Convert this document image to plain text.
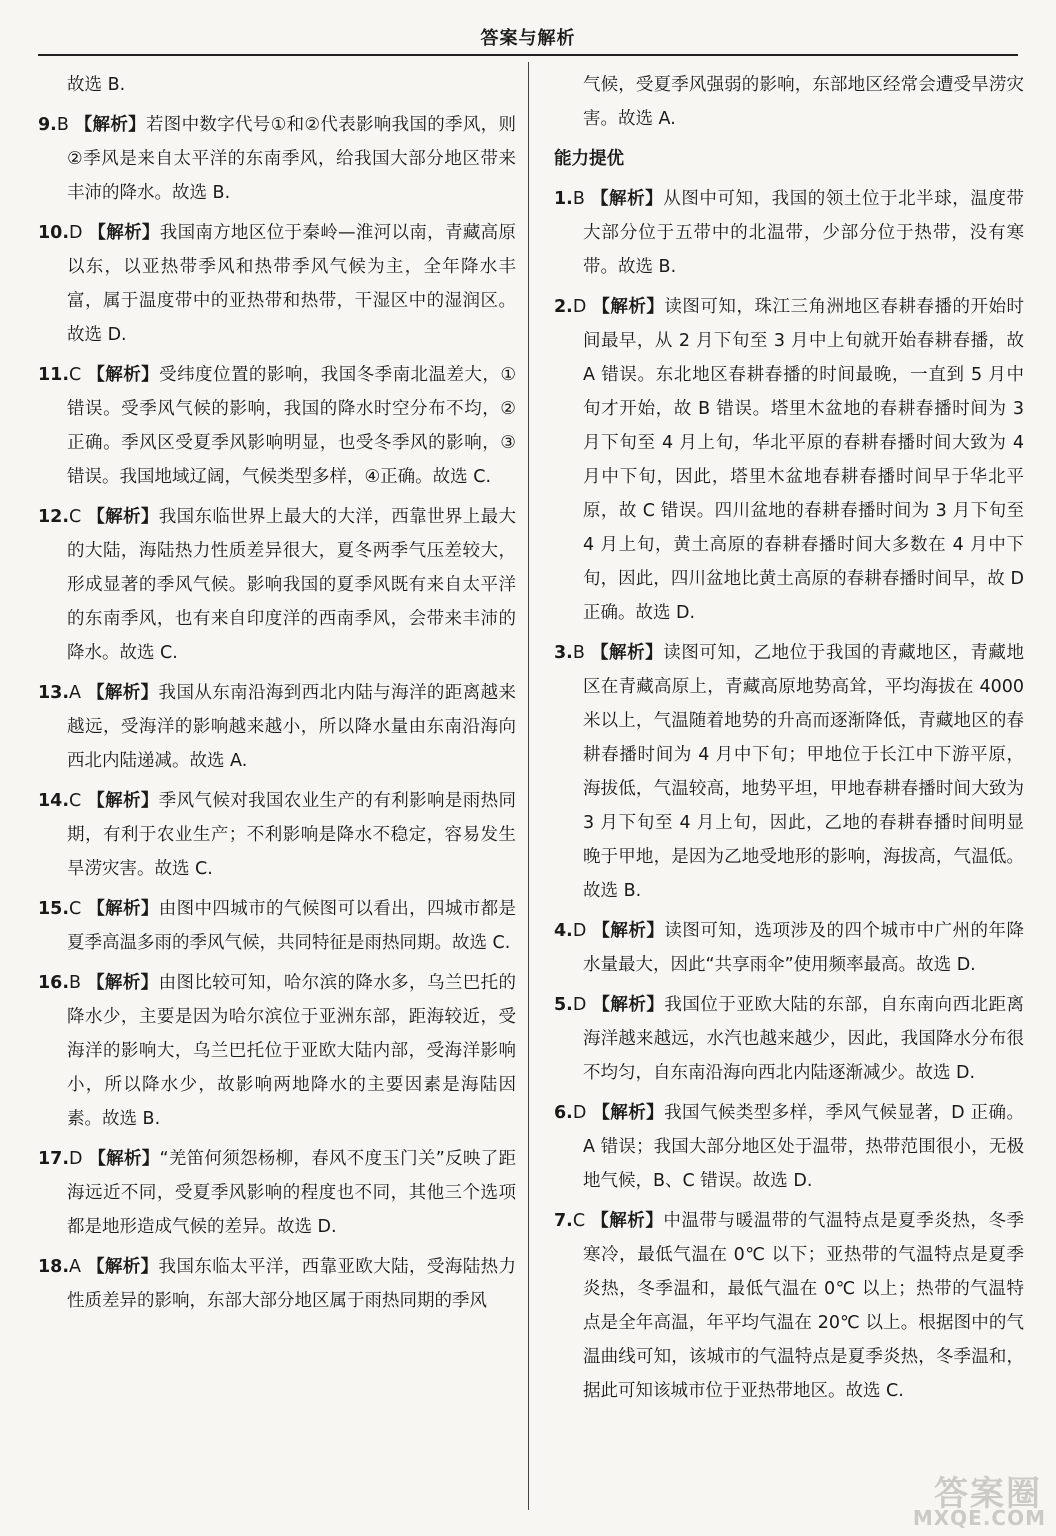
答案与解析

故选 B.

9.B 【解析】若图中数字代号①和②代表影响我国的季风，则②季风是来自太平洋的东南季风，给我国大部分地区带来丰沛的降水。故选 B.

10.D 【解析】我国南方地区位于秦岭—淮河以南，青藏高原以东，以亚热带季风和热带季风气候为主，全年降水丰富，属于温度带中的亚热带和热带，干湿区中的湿润区。故选 D.

11.C 【解析】受纬度位置的影响，我国冬季南北温差大，①错误。受季风气候的影响，我国的降水时空分布不均，②正确。季风区受夏季风影响明显，也受冬季风的影响，③错误。我国地域辽阔，气候类型多样，④正确。故选 C.

12.C 【解析】我国东临世界上最大的大洋，西靠世界上最大的大陆，海陆热力性质差异很大，夏冬两季气压差较大，形成显著的季风气候。影响我国的夏季风既有来自太平洋的东南季风，也有来自印度洋的西南季风，会带来丰沛的降水。故选 C.

13.A 【解析】我国从东南沿海到西北内陆与海洋的距离越来越远，受海洋的影响越来越小，所以降水量由东南沿海向西北内陆递减。故选 A.

14.C 【解析】季风气候对我国农业生产的有利影响是雨热同期，有利于农业生产；不利影响是降水不稳定，容易发生旱涝灾害。故选 C.

15.C 【解析】由图中四城市的气候图可以看出，四城市都是夏季高温多雨的季风气候，共同特征是雨热同期。故选 C.

16.B 【解析】由图比较可知，哈尔滨的降水多，乌兰巴托的降水少，主要是因为哈尔滨位于亚洲东部，距海较近，受海洋的影响大，乌兰巴托位于亚欧大陆内部，受海洋影响小，所以降水少，故影响两地降水的主要因素是海陆因素。故选 B.

17.D 【解析】“羌笛何须怨杨柳，春风不度玉门关”反映了距海远近不同，受夏季风影响的程度也不同，其他三个选项都是地形造成气候的差异。故选 D.

18.A 【解析】我国东临太平洋，西靠亚欧大陆，受海陆热力性质差异的影响，东部大部分地区属于雨热同期的季风

气候，受夏季风强弱的影响，东部地区经常会遭受旱涝灾害。故选 A.

能力提优

1.B 【解析】从图中可知，我国的领土位于北半球，温度带大部分位于五带中的北温带，少部分位于热带，没有寒带。故选 B.

2.D 【解析】读图可知，珠江三角洲地区春耕春播的开始时间最早，从 2 月下旬至 3 月中上旬就开始春耕春播，故 A 错误。东北地区春耕春播的时间最晚，一直到 5 月中旬才开始，故 B 错误。塔里木盆地的春耕春播时间为 3 月下旬至 4 月上旬，华北平原的春耕春播时间大致为 4 月中下旬，因此，塔里木盆地春耕春播时间早于华北平原，故 C 错误。四川盆地的春耕春播时间为 3 月下旬至 4 月上旬，黄土高原的春耕春播时间大多数在 4 月中下旬，因此，四川盆地比黄土高原的春耕春播时间早，故 D 正确。故选 D.

3.B 【解析】读图可知，乙地位于我国的青藏地区，青藏地区在青藏高原上，青藏高原地势高耸，平均海拔在 4000 米以上，气温随着地势的升高而逐渐降低，青藏地区的春耕春播时间为 4 月中下旬；甲地位于长江中下游平原，海拔低，气温较高，地势平坦，甲地春耕春播时间大致为 3 月下旬至 4 月上旬，因此，乙地的春耕春播时间明显晚于甲地，是因为乙地受地形的影响，海拔高，气温低。故选 B.

4.D 【解析】读图可知，选项涉及的四个城市中广州的年降水量最大，因此“共享雨伞”使用频率最高。故选 D.

5.D 【解析】我国位于亚欧大陆的东部，自东南向西北距离海洋越来越远，水汽也越来越少，因此，我国降水分布很不均匀，自东南沿海向西北内陆逐渐减少。故选 D.

6.D 【解析】我国气候类型多样，季风气候显著，D 正确。A 错误；我国大部分地区处于温带，热带范围很小，无极地气候，B、C 错误。故选 D.

7.C 【解析】中温带与暖温带的气温特点是夏季炎热，冬季寒冷，最低气温在 0℃ 以下；亚热带的气温特点是夏季炎热，冬季温和，最低气温在 0℃ 以上；热带的气温特点是全年高温，年平均气温在 20℃ 以上。根据图中的气温曲线可知，该城市的气温特点是夏季炎热，冬季温和，据此可知该城市位于亚热带地区。故选 C.

答案圈
MXQE.COM
